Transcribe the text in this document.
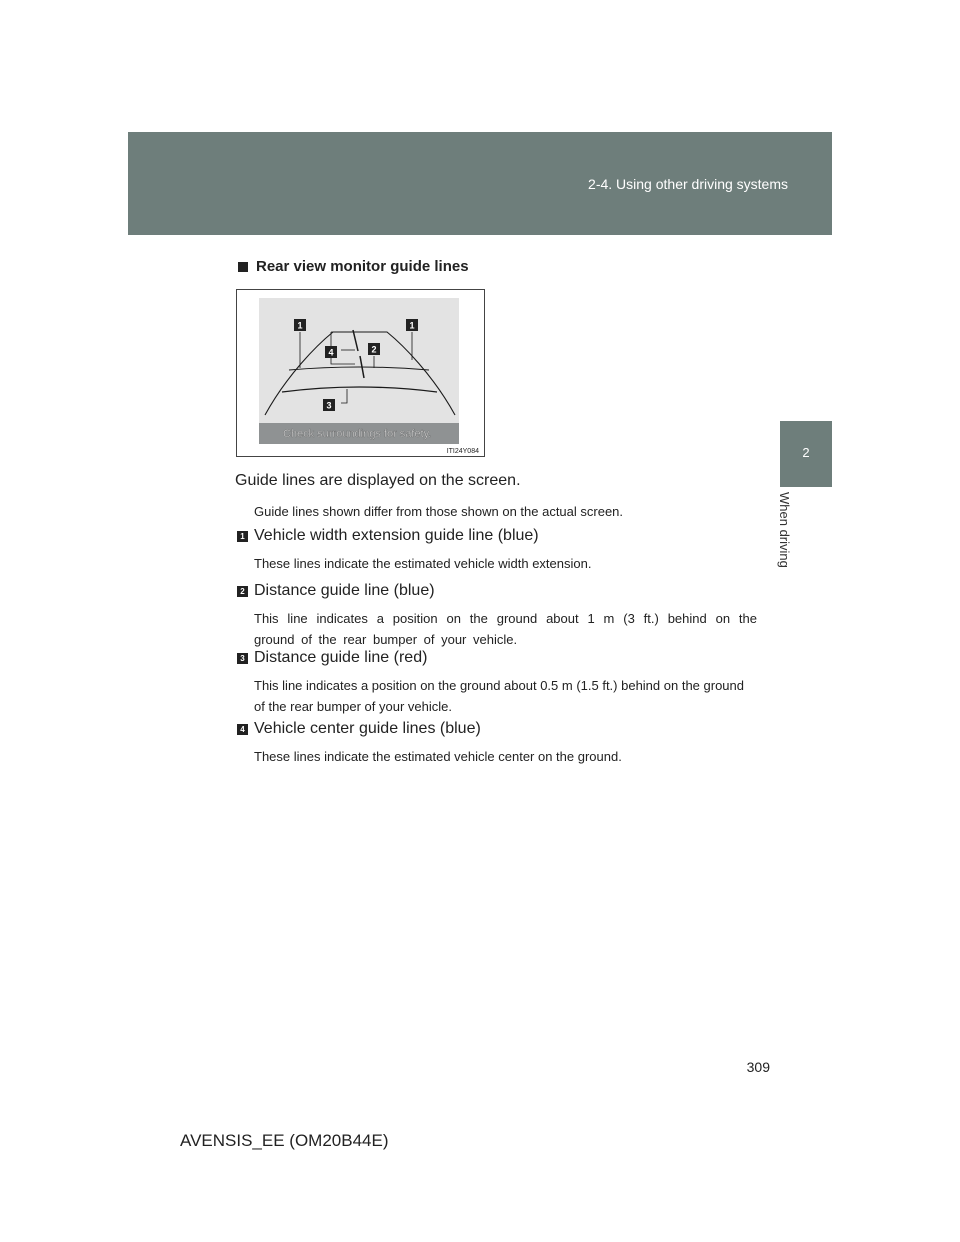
2-4. Using other driving systems
2
When driving
Rear view monitor guide lines
1	1
4	2
3
Check surroundings for safety.
ITI24Y084
Guide lines are displayed on the screen.
Guide lines shown differ from those shown on the actual screen.
1 Vehicle width extension guide line (blue)
These lines indicate the estimated vehicle width extension.
2 Distance guide line (blue)
This line indicates a position on the ground about 1 m (3 ft.) behind on the ground of the rear bumper of your vehicle.
3 Distance guide line (red)
This line indicates a position on the ground about 0.5 m (1.5 ft.) behind on the ground of the rear bumper of your vehicle.
4 Vehicle center guide lines (blue)
These lines indicate the estimated vehicle center on the ground.
309
AVENSIS_EE (OM20B44E)
